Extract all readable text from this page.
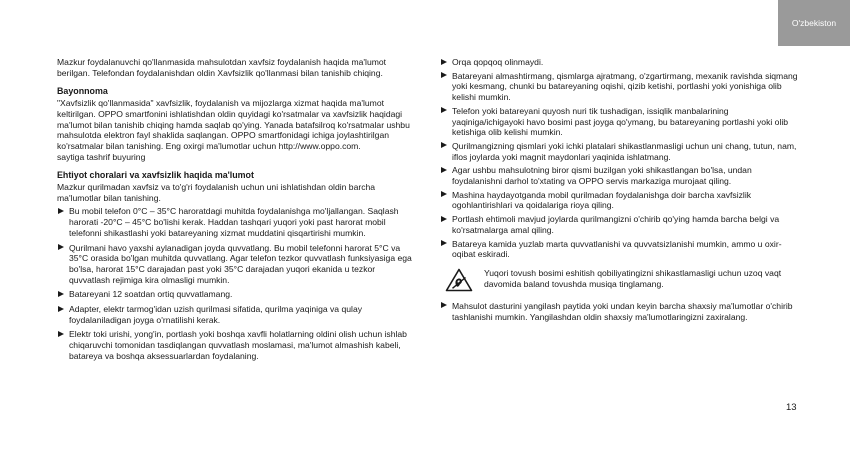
O'zbekiston

Mazkur foydalanuvchi qo'llanmasida mahsulotdan xavfsiz foydalanish haqida ma'lumot berilgan. Telefondan foydalanishdan oldin Xavfsizlik qo'llanmasi bilan tanishib chiqing.

Bayonnoma

"Xavfsizlik qo'llanmasida" xavfsizlik, foydalanish va mijozlarga xizmat haqida ma'lumot keltirilgan. OPPO smartfonini ishlatishdan oldin quyidagi ko'rsatmalar va xavfsizlik haqidagi ma'lumot bilan tanishib chiqing hamda saqlab qo'ying. Yanada batafsilroq ko'rsatmalar ushbu mahsulotda elektron fayl shaklida saqlangan. OPPO smartfonidagi ichiga joylashtirilgan ko'rsatmalar bilan tanishing. Eng oxirgi ma'lumotlar uchun http://www.oppo.com.
saytiga tashrif buyuring

Ehtiyot choralari va xavfsizlik haqida ma'lumot

Mazkur qurilmadan xavfsiz va to'g'ri foydalanish uchun uni ishlatishdan oldin barcha ma'lumotlar bilan tanishing.

Bu mobil telefon 0°C – 35°C haroratdagi muhitda foydalanishga mo'ljallangan. Saqlash harorati -20°C – 45°C bo'lishi kerak. Haddan tashqari yuqori yoki past harorat mobil telefonni shikastlashi yoki batareyaning xizmat muddatini qisqartirishi mumkin.
Qurilmani havo yaxshi aylanadigan joyda quvvatlang. Bu mobil telefonni harorat 5°C va 35°C orasida bo'lgan muhitda quvvatlang. Agar telefon tezkor quvvatlash funksiyasiga ega bo'lsa, harorat 15°C darajadan past yoki 35°C darajadan yuqori ekanida u tezkor quvvatlash rejimiga kira olmasligi mumkin.
Batareyani 12 soatdan ortiq quvvatlamang.
Adapter, elektr tarmog'idan uzish qurilmasi sifatida, qurilma yaqiniga va qulay foydalaniladigan joyga o'rnatilishi kerak.
Elektr toki urishi, yong'in, portlash yoki boshqa xavfli holatlarning oldini olish uchun ishlab chiqaruvchi tomonidan tasdiqlangan quvvatlash moslamasi, ma'lumot almashish kabeli, batareya va boshqa aksessuarlardan foydalaning.
Orqa qopqoq olinmaydi.
Batareyani almashtirmang, qismlarga ajratmang, o'zgartirmang, mexanik ravishda siqmang yoki kesmang, chunki bu batareyaning oqishi, qizib ketishi, portlashi yoki yonishiga olib kelishi mumkin.
Telefon yoki batareyani quyosh nuri tik tushadigan, issiqlik manbalarining yaqiniga/ichigayoki havo bosimi past joyga qo'ymang, bu batareyaning portlashi yoki olib ketishiga olib kelishi mumkin.
Qurilmangizning qismlari yoki ichki platalari shikastlanmasligi uchun uni chang, tutun, nam, iflos joylarda yoki magnit maydonlari yaqinida ishlatmang.
Agar ushbu mahsulotning biror qismi buzilgan yoki shikastlangan bo'lsa, undan foydalanishni darhol to'xtating va OPPO servis markaziga murojaat qiling.
Mashina haydayotganda mobil qurilmadan foydalanishga doir barcha xavfsizlik ogohlantirishlari va qoidalariga rioya qiling.
Portlash ehtimoli mavjud joylarda qurilmangizni o'chirib qo'ying hamda barcha belgi va ko'rsatmalarga amal qiling.
Batareya kamida yuzlab marta quvvatlanishi va quvvatsizlanishi mumkin, ammo u oxir-oqibat eskiradi.
Yuqori tovush bosimi eshitish qobiliyatingizni shikastlamasligi uchun uzoq vaqt davomida baland tovushda musiqa tinglamang.
Mahsulot dasturini yangilash paytida yoki undan keyin barcha shaxsiy ma'lumotlar o'chirib tashlanishi mumkin. Yangilashdan oldin shaxsiy ma'lumotlaringizni zaxiralang.
13
